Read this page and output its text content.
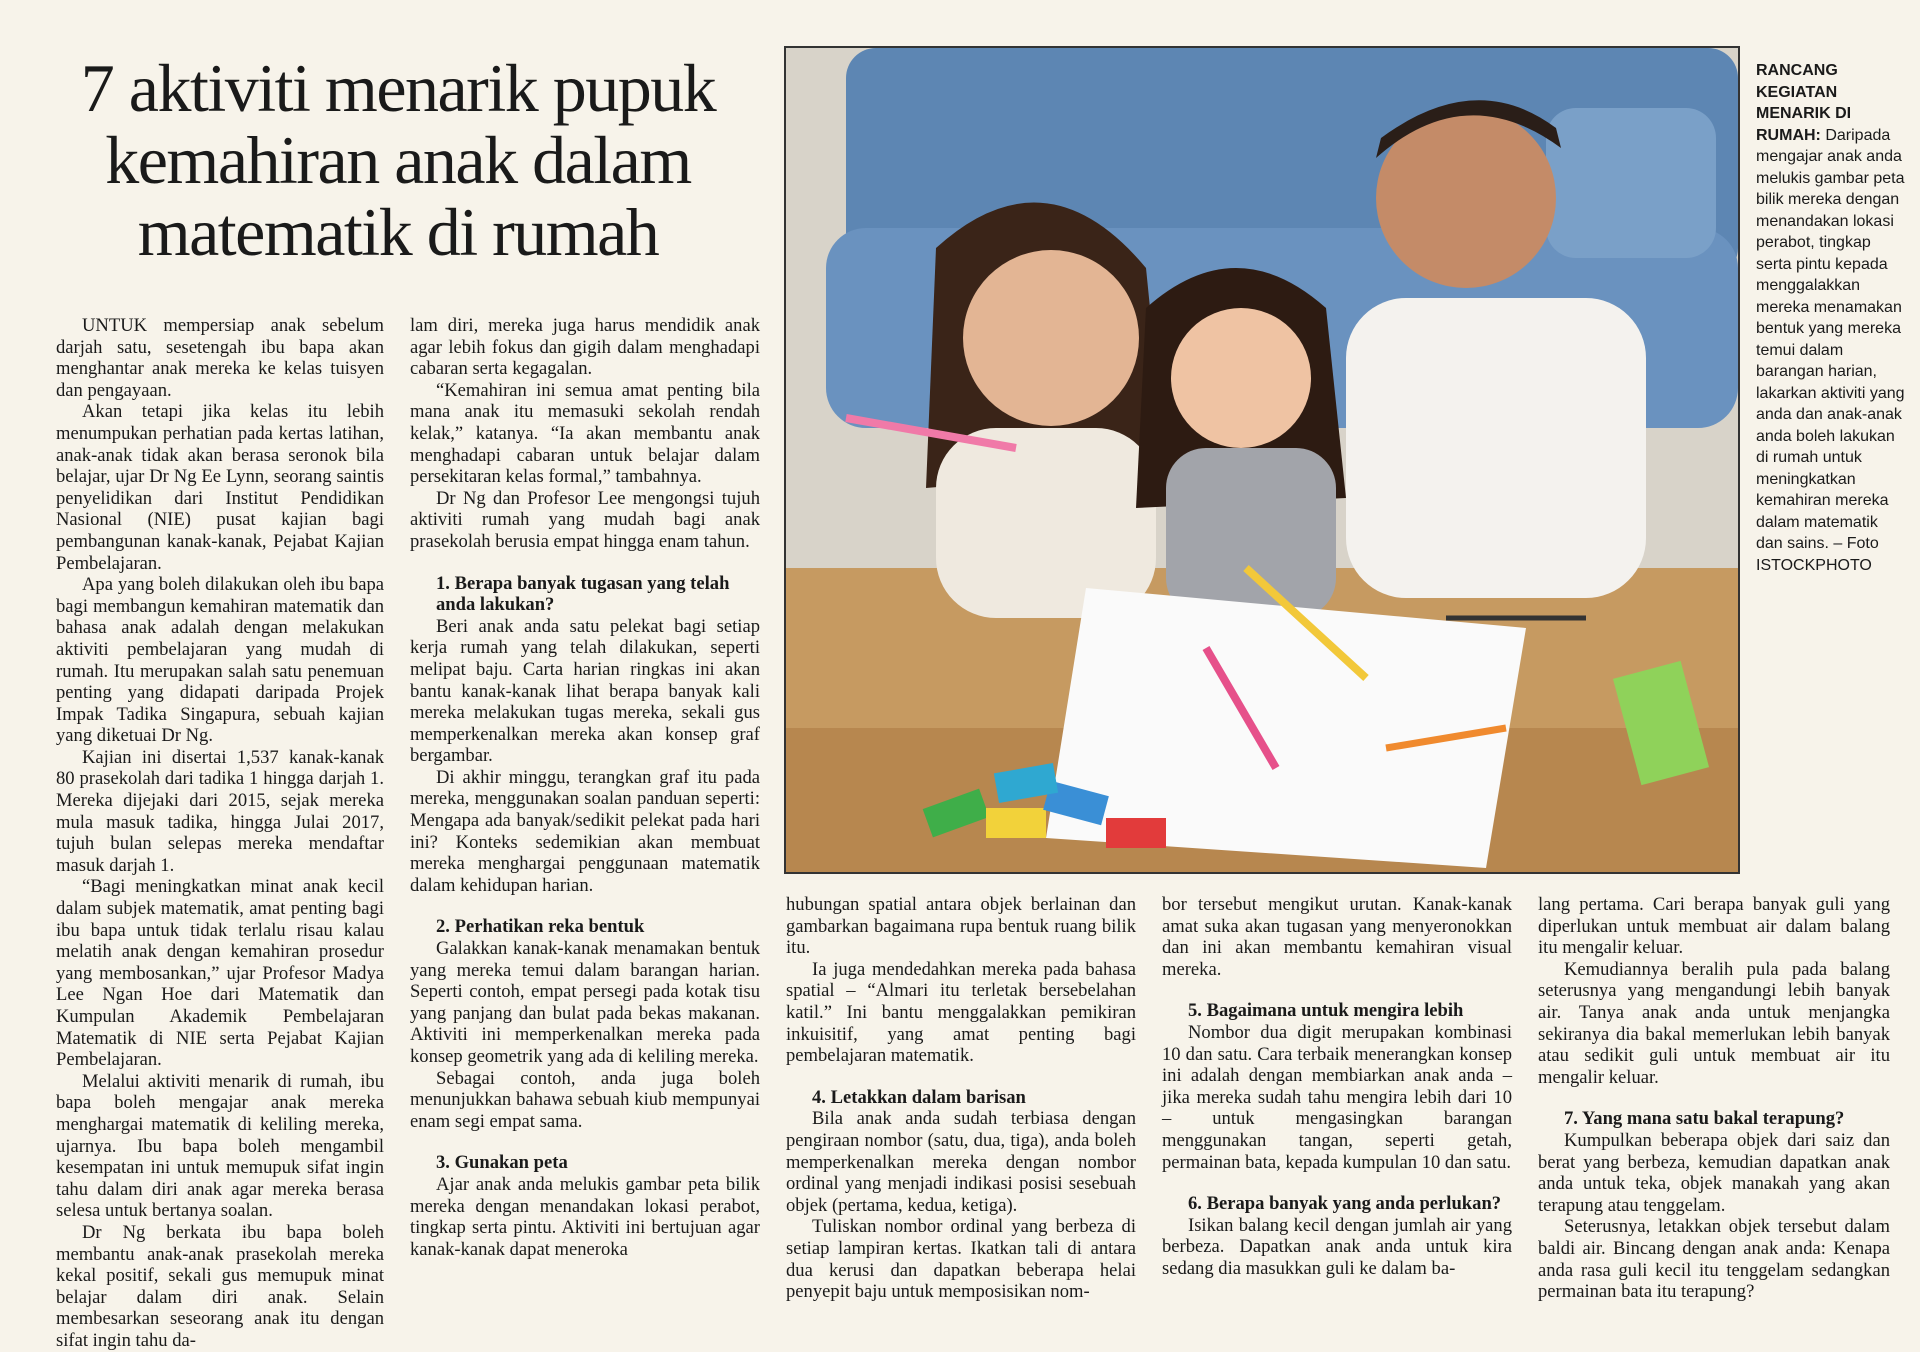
7 aktiviti menarik pupuk kemahiran anak dalam matematik di rumah
RANCANG KEGIATAN MENARIK DI RUMAH: Daripada mengajar anak anda melukis gambar peta bilik mereka dengan menandakan lokasi perabot, tingkap serta pintu kepada menggalakkan mereka menamakan bentuk yang mereka temui dalam barangan harian, lakarkan aktiviti yang anda dan anak-anak anda boleh lakukan di rumah untuk meningkatkan kemahiran mereka dalam matematik dan sains. – Foto ISTOCKPHOTO

UNTUK mempersiap anak sebelum darjah satu, sesetengah ibu bapa akan menghantar anak mereka ke kelas tuisyen dan pengayaan.

Akan tetapi jika kelas itu lebih menumpukan perhatian pada kertas latihan, anak-anak tidak akan berasa seronok bila belajar, ujar Dr Ng Ee Lynn, seorang saintis penyelidikan dari Institut Pendidikan Nasional (NIE) pusat kajian bagi pembangunan kanak-kanak, Pejabat Kajian Pembelajaran.

Apa yang boleh dilakukan oleh ibu bapa bagi membangun kemahiran matematik dan bahasa anak adalah dengan melakukan aktiviti pembelajaran yang mudah di rumah. Itu merupakan salah satu penemuan penting yang didapati daripada Projek Impak Tadika Singapura, sebuah kajian yang diketuai Dr Ng.

Kajian ini disertai 1,537 kanak-kanak 80 prasekolah dari tadika 1 hingga darjah 1. Mereka dijejaki dari 2015, sejak mereka mula masuk tadika, hingga Julai 2017, tujuh bulan selepas mereka mendaftar masuk darjah 1.

“Bagi meningkatkan minat anak kecil dalam subjek matematik, amat penting bagi ibu bapa untuk tidak terlalu risau kalau melatih anak dengan kemahiran prosedur yang membosankan,” ujar Profesor Madya Lee Ngan Hoe dari Matematik dan Kumpulan Akademik Pembelajaran Matematik di NIE serta Pejabat Kajian Pembelajaran.

Melalui aktiviti menarik di rumah, ibu bapa boleh mengajar anak mereka menghargai matematik di keliling mereka, ujarnya. Ibu bapa boleh mengambil kesempatan ini untuk memupuk sifat ingin tahu dalam diri anak agar mereka berasa selesa untuk bertanya soalan.

Dr Ng berkata ibu bapa boleh membantu anak-anak prasekolah mereka kekal positif, sekali gus memupuk minat belajar dalam diri anak. Selain membesarkan seseorang anak itu dengan sifat ingin tahu da-

lam diri, mereka juga harus mendidik anak agar lebih fokus dan gigih dalam menghadapi cabaran serta kegagalan.

“Kemahiran ini semua amat penting bila mana anak itu memasuki sekolah rendah kelak,” katanya. “Ia akan membantu anak menghadapi cabaran untuk belajar dalam persekitaran kelas formal,” tambahnya.

Dr Ng dan Profesor Lee mengongsi tujuh aktiviti rumah yang mudah bagi anak prasekolah berusia empat hingga enam tahun.

1. Berapa banyak tugasan yang telah anda lakukan?

Beri anak anda satu pelekat bagi setiap kerja rumah yang telah dilakukan, seperti melipat baju. Carta harian ringkas ini akan bantu kanak-kanak lihat berapa banyak kali mereka melakukan tugas mereka, sekali gus memperkenalkan mereka akan konsep graf bergambar.

Di akhir minggu, terangkan graf itu pada mereka, menggunakan soalan panduan seperti: Mengapa ada banyak/sedikit pelekat pada hari ini? Konteks sedemikian akan membuat mereka menghargai penggunaan matematik dalam kehidupan harian.

2. Perhatikan reka bentuk

Galakkan kanak-kanak menamakan bentuk yang mereka temui dalam barangan harian. Seperti contoh, empat persegi pada kotak tisu yang panjang dan bulat pada bekas makanan. Aktiviti ini memperkenalkan mereka pada konsep geometrik yang ada di keliling mereka.

Sebagai contoh, anda juga boleh menunjukkan bahawa sebuah kiub mempunyai enam segi empat sama.

3. Gunakan peta

Ajar anak anda melukis gambar peta bilik mereka dengan menandakan lokasi perabot, tingkap serta pintu. Aktiviti ini bertujuan agar kanak-kanak dapat meneroka

hubungan spatial antara objek berlainan dan gambarkan bagaimana rupa bentuk ruang bilik itu.

Ia juga mendedahkan mereka pada bahasa spatial – “Almari itu terletak bersebelahan katil.” Ini bantu menggalakkan pemikiran inkuisitif, yang amat penting bagi pembelajaran matematik.

4. Letakkan dalam barisan

Bila anak anda sudah terbiasa dengan pengiraan nombor (satu, dua, tiga), anda boleh memperkenalkan mereka dengan nombor ordinal yang menjadi indikasi posisi sesebuah objek (pertama, kedua, ketiga).

Tuliskan nombor ordinal yang berbeza di setiap lampiran kertas. Ikatkan tali di antara dua kerusi dan dapatkan beberapa helai penyepit baju untuk memposisikan nom-

bor tersebut mengikut urutan. Kanak-kanak amat suka akan tugasan yang menyeronokkan dan ini akan membantu kemahiran visual mereka.

5. Bagaimana untuk mengira lebih

Nombor dua digit merupakan kombinasi 10 dan satu. Cara terbaik menerangkan konsep ini adalah dengan membiarkan anak anda – jika mereka sudah tahu mengira lebih dari 10 – untuk mengasingkan barangan menggunakan tangan, seperti getah, permainan bata, kepada kumpulan 10 dan satu.

6. Berapa banyak yang anda perlukan?

Isikan balang kecil dengan jumlah air yang berbeza. Dapatkan anak anda untuk kira sedang dia masukkan guli ke dalam ba-

lang pertama. Cari berapa banyak guli yang diperlukan untuk membuat air dalam balang itu mengalir keluar.

Kemudiannya beralih pula pada balang seterusnya yang mengandungi lebih banyak air. Tanya anak anda untuk menjangka sekiranya dia bakal memerlukan lebih banyak atau sedikit guli untuk membuat air itu mengalir keluar.

7. Yang mana satu bakal terapung?

Kumpulkan beberapa objek dari saiz dan berat yang berbeza, kemudian dapatkan anak anda untuk teka, objek manakah yang akan terapung atau tenggelam.

Seterusnya, letakkan objek tersebut dalam baldi air. Bincang dengan anak anda: Kenapa anda rasa guli kecil itu tenggelam sedangkan permainan bata itu terapung?
